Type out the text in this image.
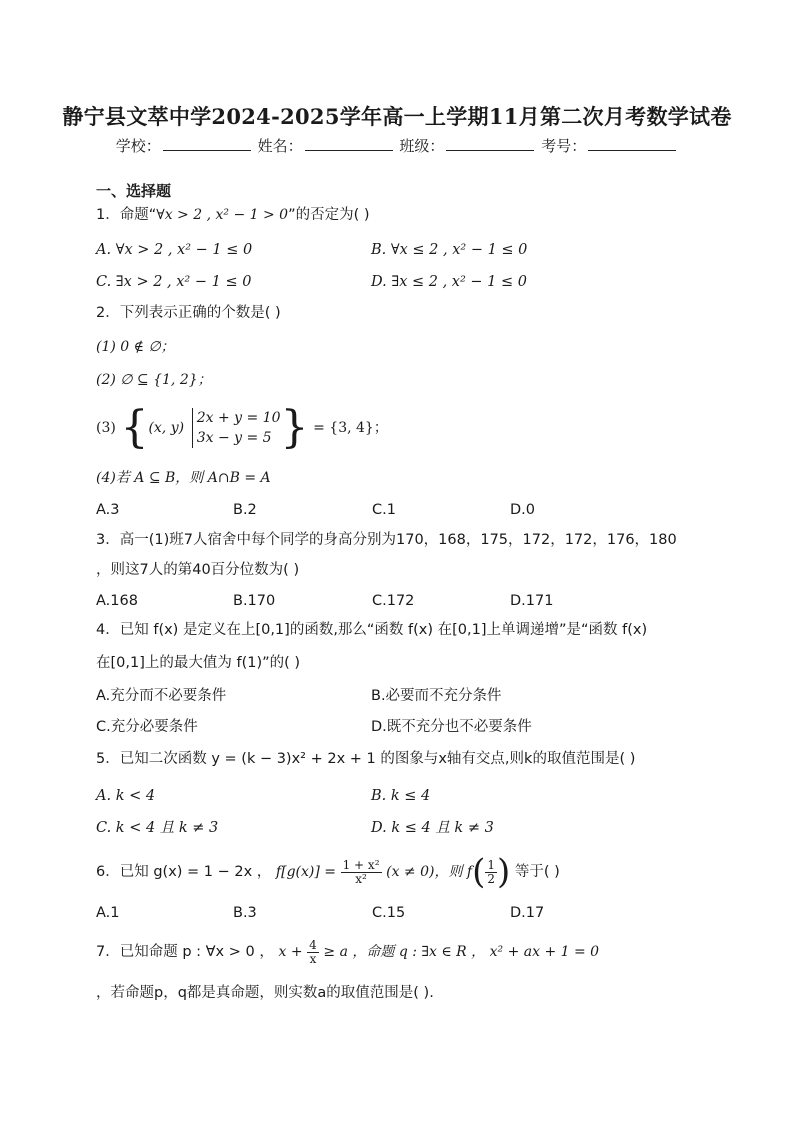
静宁县文萃中学2024-2025学年高一上学期11月第二次月考数学试卷
学校：	姓名：	班级：	考号：
一、选择题
1．命题“∀x > 2 , x² − 1 > 0”的否定为( )
A. ∀x > 2 , x² − 1 ≤ 0	B. ∀x ≤ 2 , x² − 1 ≤ 0
C. ∃x > 2 , x² − 1 ≤ 0	D. ∃x ≤ 2 , x² − 1 ≤ 0
2．下列表示正确的个数是( )
(1) 0 ∉ ∅；
(2) ∅ ⊆ {1, 2}；
(3) {(x, y) 2x + y = 10
3x − y = 5 } = {3, 4}；
(4)若 A ⊆ B，则 A∩B = A
A.3	B.2	C.1	D.0
3．高一(1)班7人宿舍中每个同学的身高分别为170，168，175，172，172，176，180
，则这7人的第40百分位数为( )
A.168	B.170	C.172	D.171
4．已知 f(x) 是定义在上[0,1]的函数,那么“函数 f(x) 在[0,1]上单调递增”是“函数 f(x)
在[0,1]上的最大值为 f(1)”的( )
A.充分而不必要条件	B.必要而不充分条件
C.充分必要条件	D.既不充分也不必要条件
5．已知二次函数 y = (k − 3)x² + 2x + 1 的图象与x轴有交点,则k的取值范围是( )
A. k < 4	B. k ≤ 4
C. k < 4 且 k ≠ 3	D. k ≤ 4 且 k ≠ 3
6．已知 g(x) = 1 − 2x ， $f[g(x)] = \frac{\text{1 + x²}}{\text{x²}} (x \ne 0)$，则 $f( \frac{1}{2}$ ) 等于( )
A.1	B.3	C.15	D.17
7．已知命题 p : ∀x > 0 ， $x + \frac{4}{x} \ge a$ ，命题 q : ∃x ∈ R ， x² + ax + 1 = 0
，若命题p，q都是真命题，则实数a的取值范围是( ).
